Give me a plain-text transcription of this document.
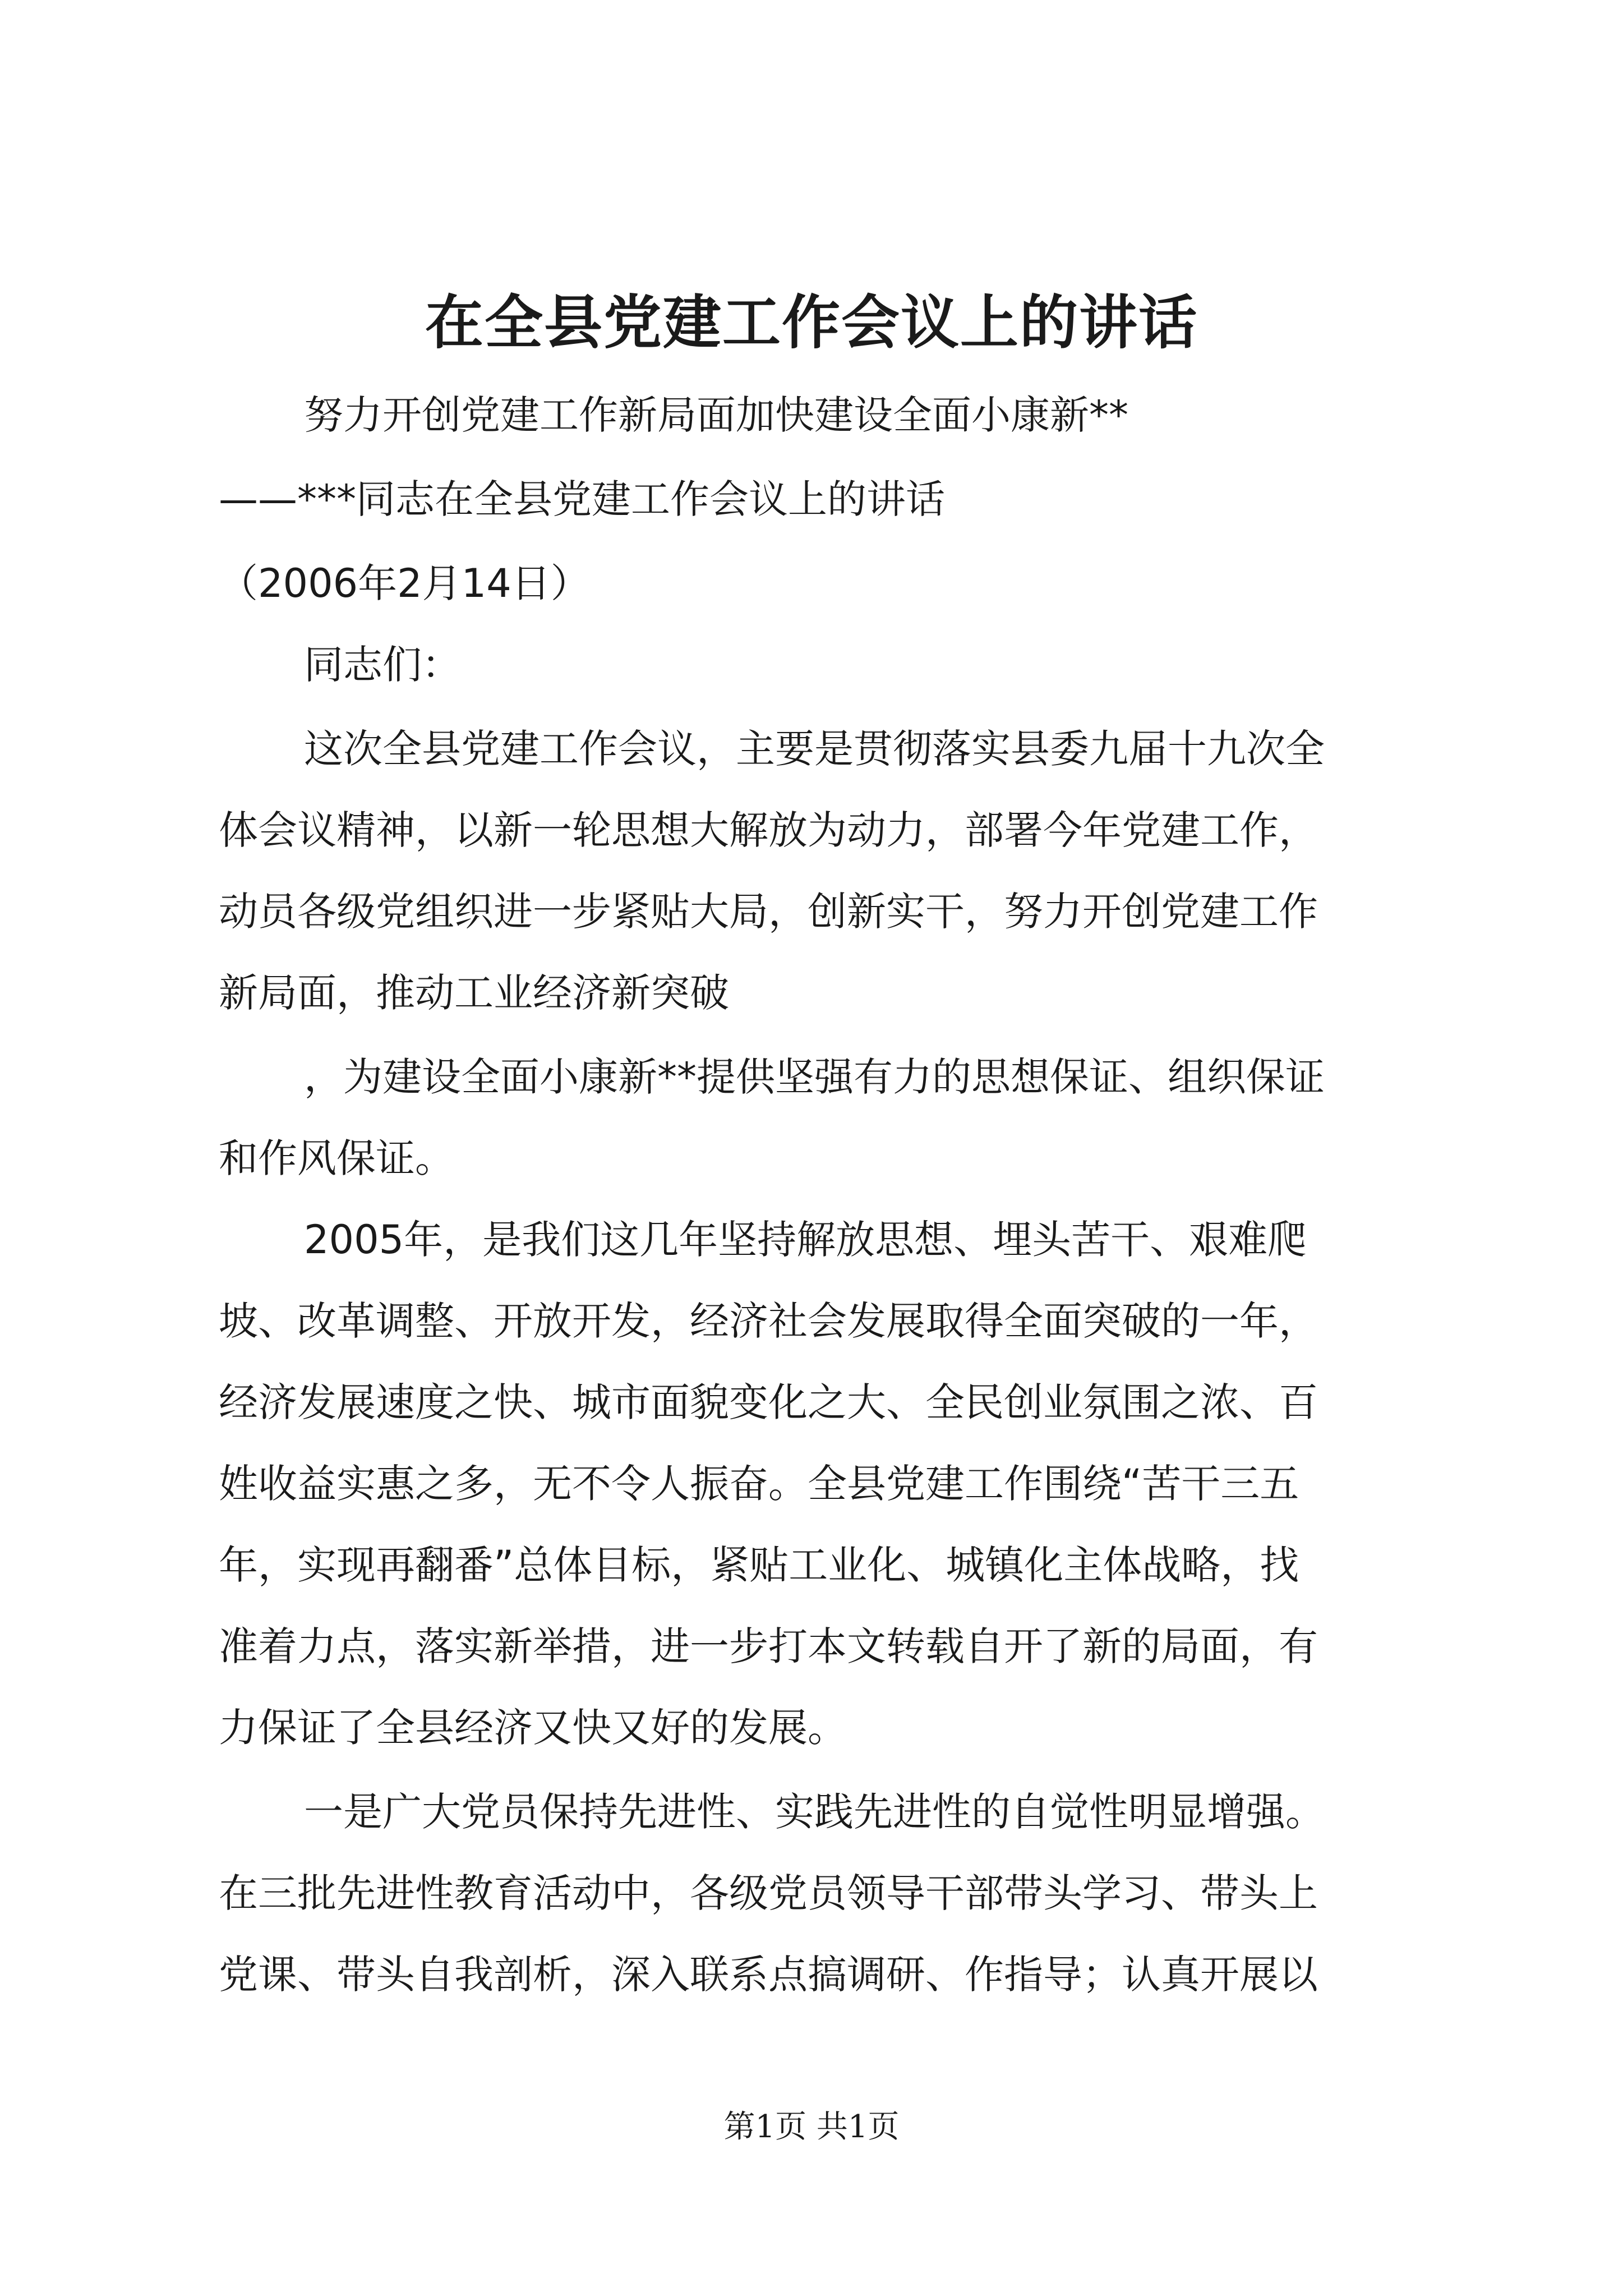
在全县党建工作会议上的讲话

努力开创党建工作新局面加快建设全面小康新**

——***同志在全县党建工作会议上的讲话

（2006年2月14日）

同志们：

这次全县党建工作会议，主要是贯彻落实县委九届十九次全

体会议精神，以新一轮思想大解放为动力，部署今年党建工作，

动员各级党组织进一步紧贴大局，创新实干，努力开创党建工作

新局面，推动工业经济新突破

，为建设全面小康新**提供坚强有力的思想保证、组织保证

和作风保证。

2005年，是我们这几年坚持解放思想、埋头苦干、艰难爬

坡、改革调整、开放开发，经济社会发展取得全面突破的一年，

经济发展速度之快、城市面貌变化之大、全民创业氛围之浓、百

姓收益实惠之多，无不令人振奋。全县党建工作围绕“苦干三五

年，实现再翻番”总体目标，紧贴工业化、城镇化主体战略，找

准着力点，落实新举措，进一步打本文转载自开了新的局面，有

力保证了全县经济又快又好的发展。

一是广大党员保持先进性、实践先进性的自觉性明显增强。

在三批先进性教育活动中，各级党员领导干部带头学习、带头上

党课、带头自我剖析，深入联系点搞调研、作指导；认真开展以

第1页 共1页
